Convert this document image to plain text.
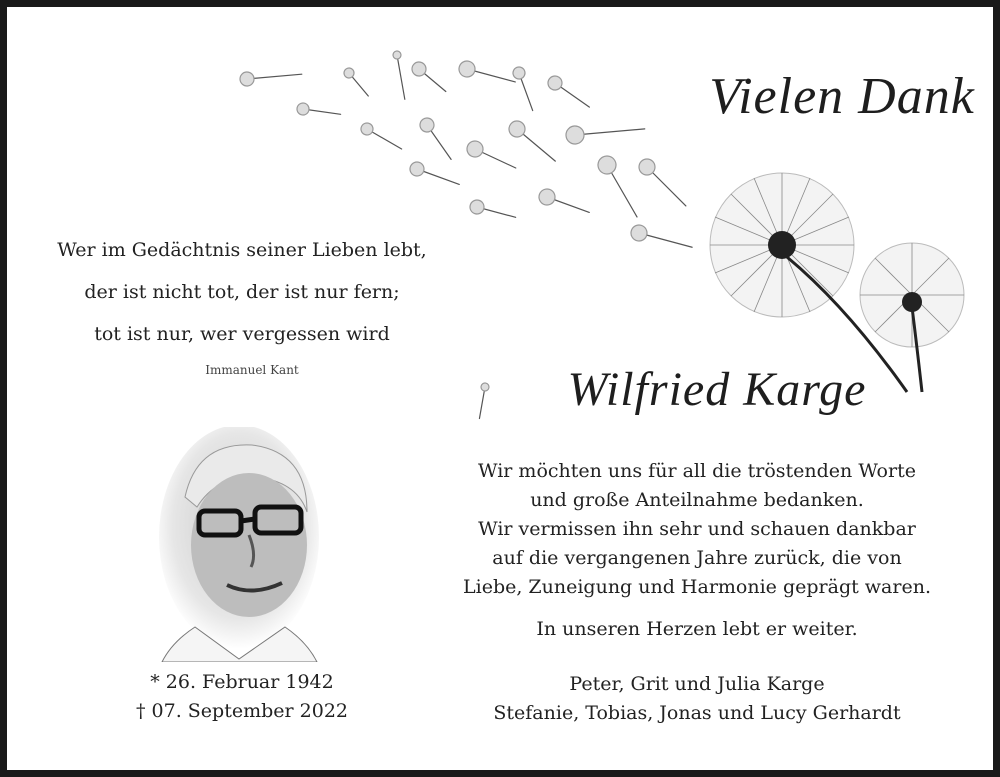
Vielen Dank
Wilfried Karge
Wer im Gedächtnis seiner Lieben lebt,
der ist nicht tot, der ist nur fern;
tot ist nur, wer vergessen wird
Immanuel Kant
* 26. Februar 1942
† 07. September 2022
Wir möchten uns für all die tröstenden Worte
und große Anteilnahme bedanken.
Wir vermissen ihn sehr und schauen dankbar
auf die vergangenen Jahre zurück, die von
Liebe, Zuneigung und Harmonie geprägt waren.
In unseren Herzen lebt er weiter.
Peter, Grit und Julia Karge
Stefanie, Tobias, Jonas und Lucy Gerhardt
